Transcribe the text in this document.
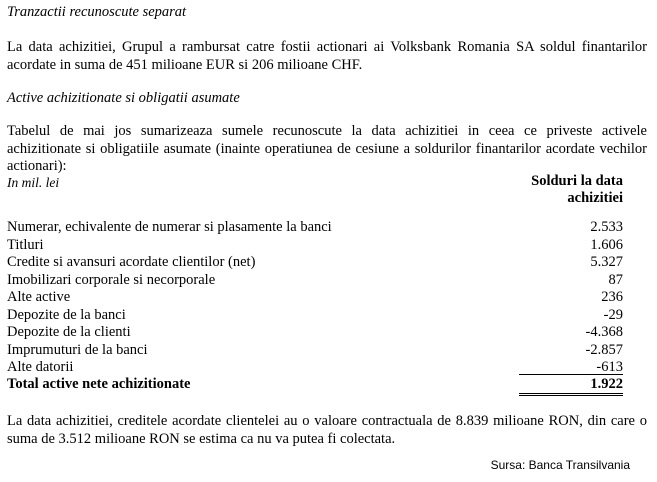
Tranzactii recunoscute separat
La data achizitiei, Grupul a rambursat catre fostii actionari ai Volksbank Romania SA soldul finantarilor
acordate in suma de 451 milioane EUR si 206 milioane CHF.
Active achizitionate si obligatii asumate
Tabelul de mai jos sumarizeaza sumele recunoscute la data achizitiei in ceea ce priveste activele
achizitionate si obligatiile asumate (inainte operatiunea de cesiune a soldurilor finantarilor acordate vechilor
actionari):
In mil. lei	Solduri la data
achizitiei
Numerar, echivalente de numerar si plasamente la banci	2.533
Titluri	1.606
Credite si avansuri acordate clientilor (net)	5.327
Imobilizari corporale si necorporale	87
Alte active	236
Depozite de la banci	-29
Depozite de la clienti	-4.368
Imprumuturi de la banci	-2.857
Alte datorii	-613
Total active nete achizitionate	1.922
La data achizitiei, creditele acordate clientelei au o valoare contractuala de 8.839 milioane RON, din care o
suma de 3.512 milioane RON se estima ca nu va putea fi colectata.
Sursa: Banca Transilvania
